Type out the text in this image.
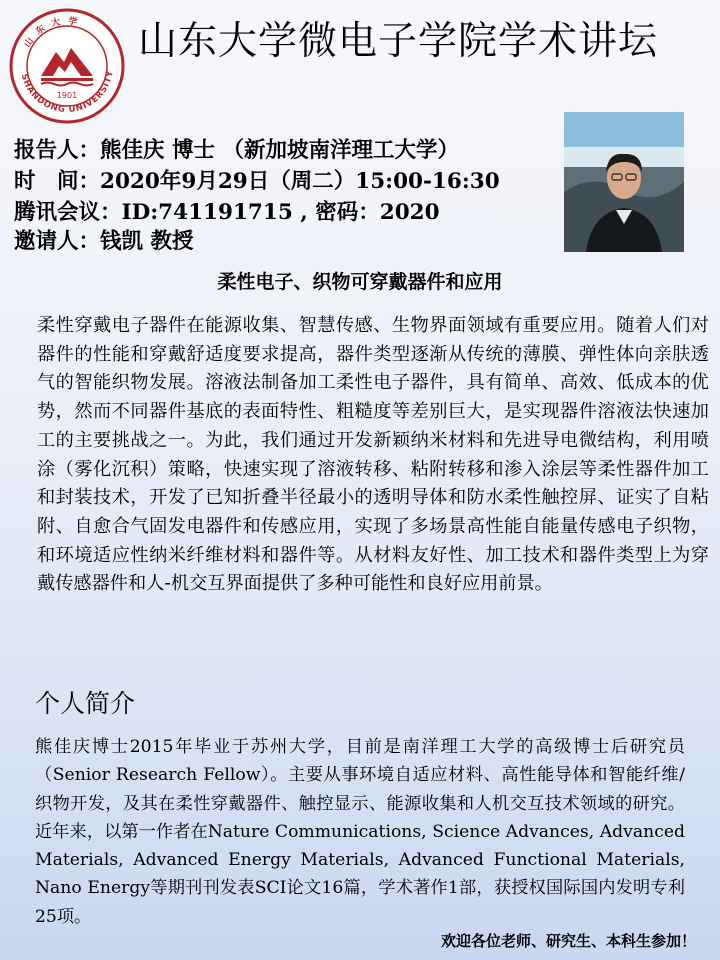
山东大学
SHANDONG UNIVERSITY
1901
山东大学微电子学院学术讲坛
报告人：熊佳庆 博士 （新加坡南洋理工大学）
时　间：2020年9月29日（周二）15:00-16:30
腾讯会议：ID:741191715 , 密码：2020
邀请人：钱凯 教授
柔性电子、织物可穿戴器件和应用

柔性穿戴电子器件在能源收集、智慧传感、生物界面领域有重要应用。随着人们对器件的性能和穿戴舒适度要求提高，器件类型逐渐从传统的薄膜、弹性体向亲肤透气的智能织物发展。溶液法制备加工柔性电子器件，具有简单、高效、低成本的优势，然而不同器件基底的表面特性、粗糙度等差别巨大，是实现器件溶液法快速加工的主要挑战之一。为此，我们通过开发新颖纳米材料和先进导电微结构，利用喷涂（雾化沉积）策略，快速实现了溶液转移、粘附转移和渗入涂层等柔性器件加工和封装技术，开发了已知折叠半径最小的透明导体和防水柔性触控屏、证实了自粘附、自愈合气固发电器件和传感应用，实现了多场景高性能自能量传感电子织物，和环境适应性纳米纤维材料和器件等。从材料友好性、加工技术和器件类型上为穿戴传感器件和人-机交互界面提供了多种可能性和良好应用前景。

个人简介

熊佳庆博士2015年毕业于苏州大学，目前是南洋理工大学的高级博士后研究员（Senior Research Fellow）。主要从事环境自适应材料、高性能导体和智能纤维/织物开发，及其在柔性穿戴器件、触控显示、能源收集和人机交互技术领域的研究。近年来，以第一作者在Nature Communications, Science Advances, Advanced Materials, Advanced Energy Materials, Advanced Functional Materials, Nano Energy等期刊刊发表SCI论文16篇，学术著作1部，获授权国际国内发明专利25项。

欢迎各位老师、研究生、本科生参加！
